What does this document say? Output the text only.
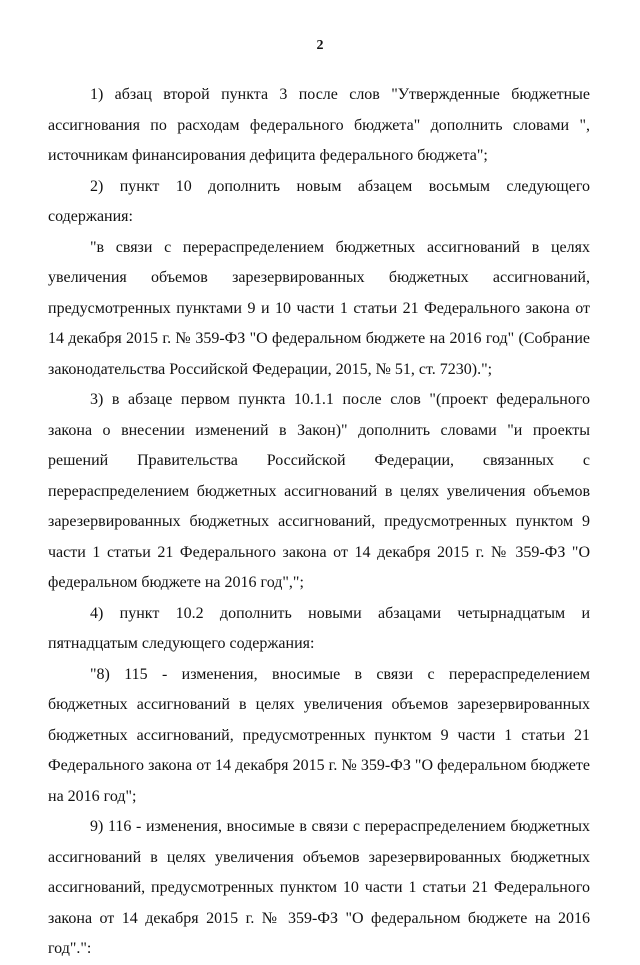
2

1) абзац второй пункта 3 после слов "Утвержденные бюджетные ассигнования по расходам федерального бюджета" дополнить словами ", источникам финансирования дефицита федерального бюджета";

2) пункт 10 дополнить новым абзацем восьмым следующего содержания:

"в связи с перераспределением бюджетных ассигнований в целях увеличения объемов зарезервированных бюджетных ассигнований, предусмотренных пунктами 9 и 10 части 1 статьи 21 Федерального закона от 14 декабря 2015 г. № 359-ФЗ "О федеральном бюджете на 2016 год" (Собрание законодательства Российской Федерации, 2015, № 51, ст. 7230).";

3) в абзаце первом пункта 10.1.1 после слов "(проект федерального закона о внесении изменений в Закон)" дополнить словами "и проекты решений Правительства Российской Федерации, связанных с перераспределением бюджетных ассигнований в целях увеличения объемов зарезервированных бюджетных ассигнований, предусмотренных пунктом 9 части 1 статьи 21 Федерального закона от 14 декабря 2015 г. № 359-ФЗ "О федеральном бюджете на 2016 год",";

4) пункт 10.2 дополнить новыми абзацами четырнадцатым и пятнадцатым следующего содержания:

"8) 115 - изменения, вносимые в связи с перераспределением бюджетных ассигнований в целях увеличения объемов зарезервированных бюджетных ассигнований, предусмотренных пунктом 9 части 1 статьи 21 Федерального закона от 14 декабря 2015 г. № 359-ФЗ "О федеральном бюджете на 2016 год";

9) 116 - изменения, вносимые в связи с перераспределением бюджетных ассигнований в целях увеличения объемов зарезервированных бюджетных ассигнований, предусмотренных пунктом 10 части 1 статьи 21 Федерального закона от 14 декабря 2015 г. № 359-ФЗ "О федеральном бюджете на 2016 год".":
